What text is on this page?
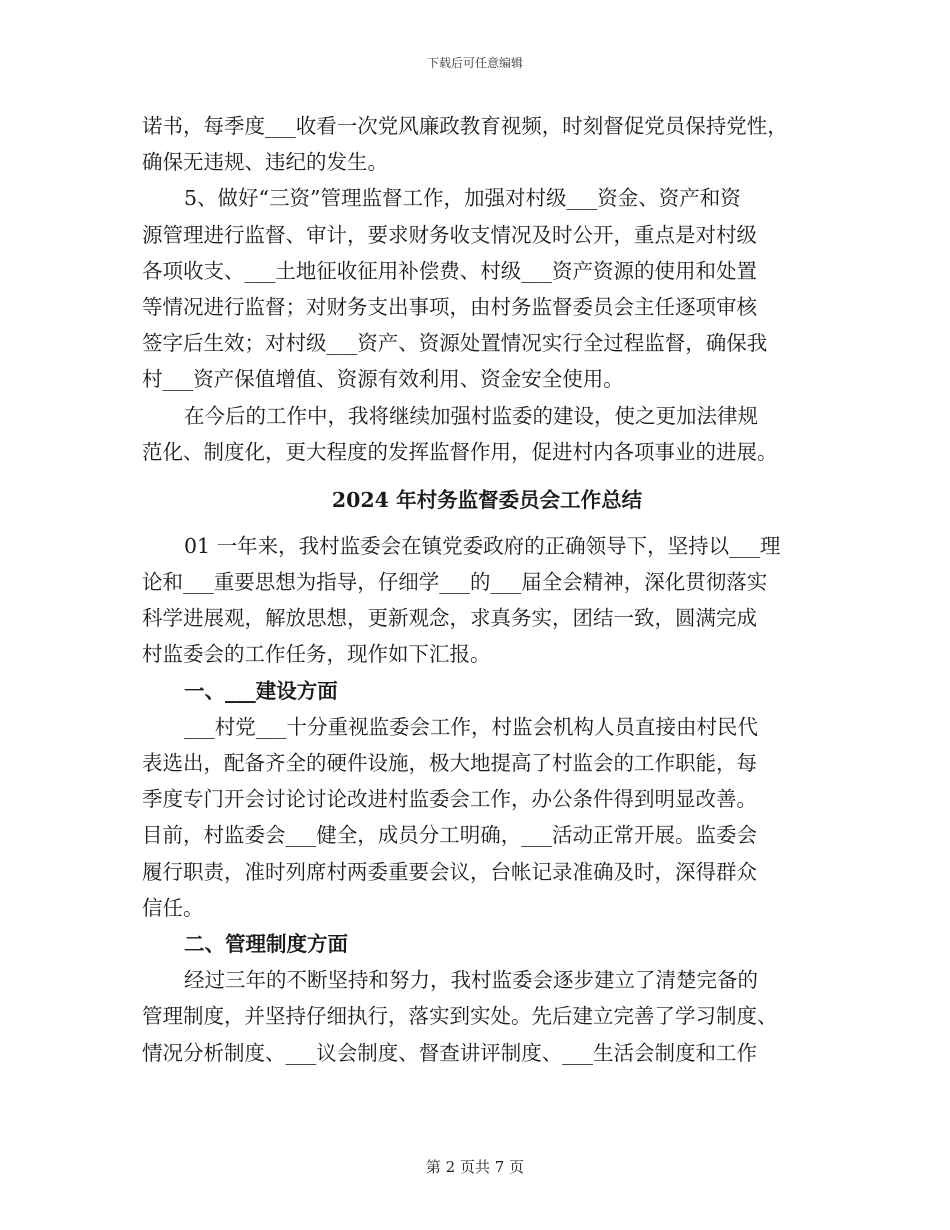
下载后可任意编辑
诺书，每季度___收看一次党风廉政教育视频，时刻督促党员保持党性，
确保无违规、违纪的发生。
5、做好“三资”管理监督工作，加强对村级___资金、资产和资
源管理进行监督、审计，要求财务收支情况及时公开，重点是对村级
各项收支、___土地征收征用补偿费、村级___资产资源的使用和处置
等情况进行监督；对财务支出事项，由村务监督委员会主任逐项审核
签字后生效；对村级___资产、资源处置情况实行全过程监督，确保我
村___资产保值增值、资源有效利用、资金安全使用。
在今后的工作中，我将继续加强村监委的建设，使之更加法律规
范化、制度化，更大程度的发挥监督作用，促进村内各项事业的进展。
2024 年村务监督委员会工作总结
01 一年来，我村监委会在镇党委政府的正确领导下，坚持以___理
论和___重要思想为指导，仔细学___的___届全会精神，深化贯彻落实
科学进展观，解放思想，更新观念，求真务实，团结一致，圆满完成
村监委会的工作任务，现作如下汇报。
一、___建设方面
___村党___十分重视监委会工作，村监会机构人员直接由村民代
表选出，配备齐全的硬件设施，极大地提高了村监会的工作职能，每
季度专门开会讨论讨论改进村监委会工作，办公条件得到明显改善。
目前，村监委会___健全，成员分工明确，___活动正常开展。监委会
履行职责，准时列席村两委重要会议，台帐记录准确及时，深得群众
信任。
二、管理制度方面
经过三年的不断坚持和努力，我村监委会逐步建立了清楚完备的
管理制度，并坚持仔细执行，落实到实处。先后建立完善了学习制度、
情况分析制度、___议会制度、督查讲评制度、___生活会制度和工作
第 2 页共 7 页
